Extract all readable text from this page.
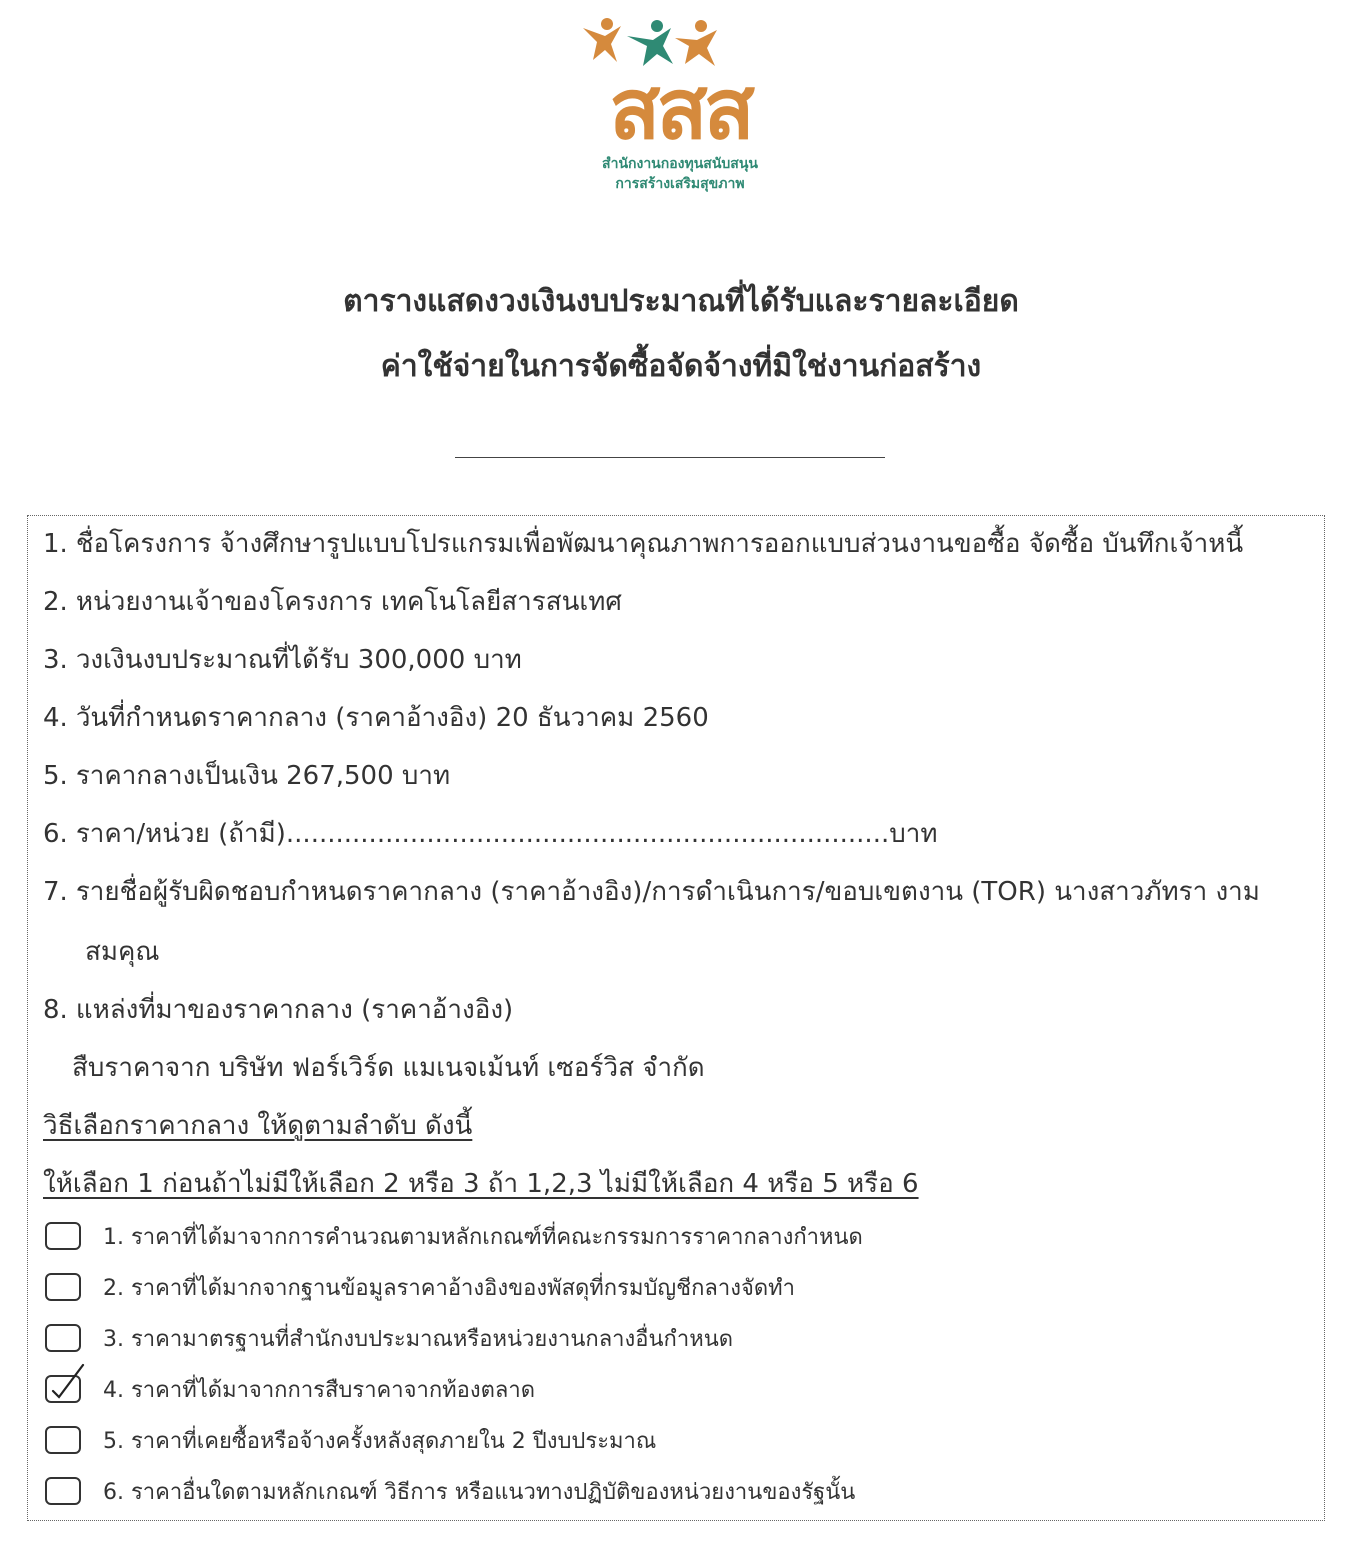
สสส
สำนักงานกองทุนสนับสนุน
การสร้างเสริมสุขภาพ
ตารางแสดงวงเงินงบประมาณที่ได้รับและรายละเอียด
ค่าใช้จ่ายในการจัดซื้อจัดจ้างที่มิใช่งานก่อสร้าง
1. ชื่อโครงการ จ้างศึกษารูปแบบโปรแกรมเพื่อพัฒนาคุณภาพการออกแบบส่วนงานขอซื้อ จัดซื้อ บันทึกเจ้าหนี้
2. หน่วยงานเจ้าของโครงการ เทคโนโลยีสารสนเทศ
3. วงเงินงบประมาณที่ได้รับ 300,000 บาท
4. วันที่กำหนดราคากลาง (ราคาอ้างอิง) 20 ธันวาคม 2560
5. ราคากลางเป็นเงิน 267,500 บาท
6. ราคา/หน่วย (ถ้ามี).........................................................................บาท
7. รายชื่อผู้รับผิดชอบกำหนดราคากลาง (ราคาอ้างอิง)/การดำเนินการ/ขอบเขตงาน (TOR) นางสาวภัทรา งาม
สมคุณ
8. แหล่งที่มาของราคากลาง (ราคาอ้างอิง)
สืบราคาจาก บริษัท ฟอร์เวิร์ด แมเนจเม้นท์ เซอร์วิส จำกัด
วิธีเลือกราคากลาง ให้ดูตามลำดับ ดังนี้
ให้เลือก 1 ก่อนถ้าไม่มีให้เลือก 2 หรือ 3 ถ้า 1,2,3 ไม่มีให้เลือก 4 หรือ 5 หรือ 6
1. ราคาที่ได้มาจากการคำนวณตามหลักเกณฑ์ที่คณะกรรมการราคากลางกำหนด
2. ราคาที่ได้มากจากฐานข้อมูลราคาอ้างอิงของพัสดุที่กรมบัญชีกลางจัดทำ
3. ราคามาตรฐานที่สำนักงบประมาณหรือหน่วยงานกลางอื่นกำหนด
4. ราคาที่ได้มาจากการสืบราคาจากท้องตลาด
5. ราคาที่เคยซื้อหรือจ้างครั้งหลังสุดภายใน 2 ปีงบประมาณ
6. ราคาอื่นใดตามหลักเกณฑ์ วิธีการ หรือแนวทางปฏิบัติของหน่วยงานของรัฐนั้น
